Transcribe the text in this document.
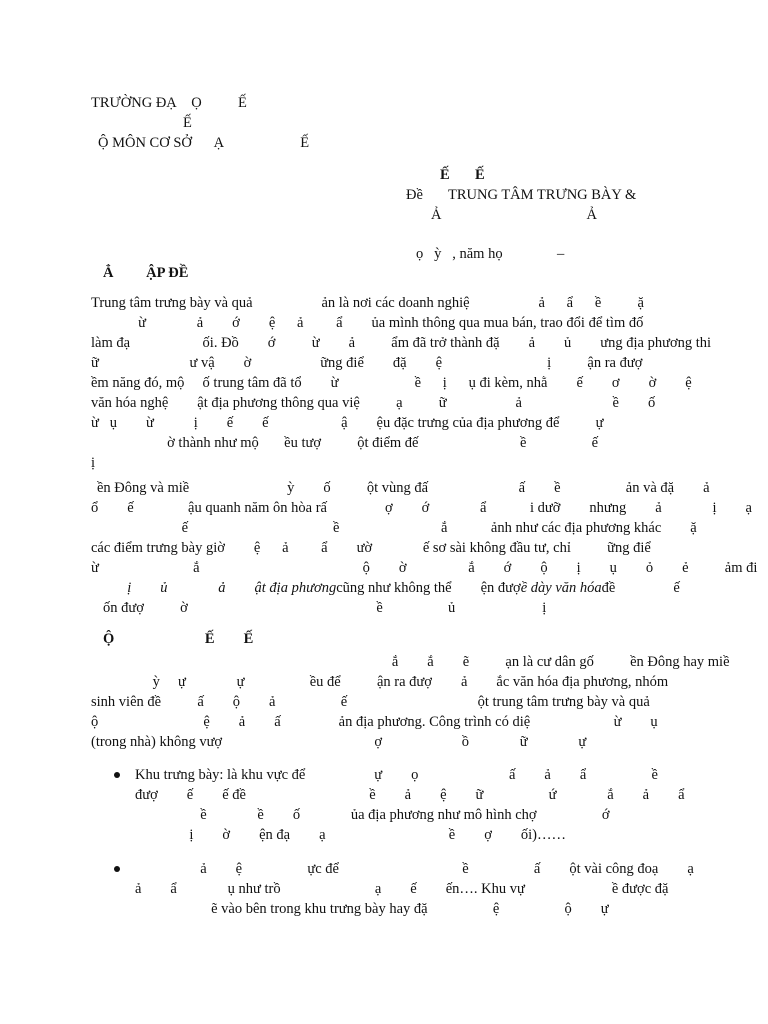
TRƯỜNG ĐẠ    Ọ          Ế
Ế
Ộ MÔN CƠ SỞ      Ạ                     Ế
Ế       Ế
Đề       TRUNG TÂM TRƯNG BÀY &
Ả                                        Ả
ọ   ỳ   , năm họ               –
Ẳ         ẬP ĐỀ
Trung tâm trưng bày và quả                   ản là nơi các doanh nghiệ                   ả      ẩ      ề          ặ
ừ              ả        ớ        ệ      ả         ẩ        ủa mình thông qua mua bán, trao đổi để tìm đố
làm đạ                    ối. Đồ        ớ          ừ        ả          ẩm đã trở thành đặ        ả        ủ        ưng địa phương thi
ữ                         ư vậ        ờ                   ững điể        đặ        ệ                             ị          ận ra đượ
ềm năng đó, mộ     ố trung tâm đã tổ        ừ                     ề      ị      ụ đi kèm, nhằ        ế        ơ        ờ        ệ
văn hóa nghệ        ật địa phương thông qua việ          ạ          ữ                   ả                         ề        ố
ừ   ụ        ừ           ị        ế        ế                    ậ        ệu đặc trưng của địa phương để          ự
ờ thành như mộ       ều tượ          ột điểm đế                            ề                  ế
ị
ền Đông và miề                           ỳ        ố          ột vùng đấ                         ấ        ề                  ản và đặ        ả
ổ        ế               ậu quanh năm ôn hòa rấ                ợ        ớ              ẩ            i dưỡ        nhưng        ả              ị        ạ
ế                                        ề                            ắ            ảnh như các địa phương khác        ặ
các điểm trưng bày giờ        ệ      ả         ẩ        ườ              ế sơ sài không đầu tư, chỉ          ững điể
ừ                          ắ                                             ộ        ờ                 ắ        ớ        ộ        ị        ụ        ỏ        ẻ          ảm đi
ị        ủ              ả        ật địa phươngcũng như không thể        ện đượề dày văn hóađề                ế
ốn đượ          ờ                                                    ề                  ủ                        ị
Ộ                         Ế        Ế
ắ        ắ        ẽ          ạn là cư dân gố          ền Đông hay miề
ỳ     ự              ự                  ều để          ận ra đượ        ả        ắc văn hóa địa phương, nhóm
sinh viên đề          ấ        ộ        ả                  ế                                    ột trung tâm trưng bày và quả
ộ                             ệ        ả        ấ                ản địa phương. Công trình có diệ                       ừ        ụ
(trong nhà) không vượ                                          ợ                      ồ              ữ              ự
Khu trưng bày: là khu vực để                   ự        ọ                         ấ        ả        ẩ                  ề
đượ        ế        ế đề                                  ề        ả        ệ        ữ                  ứ              ắ        ả        ẩ
ề              ề        ố              ủa địa phương như mô hình chợ                  ớ
ị        ờ        ện đạ        ạ                                  ề        ợ        ối)……
ả        ệ                  ực để                                  ề                  ấ        ột vài công đoạ        ạ
ả        ẩ              ụ như trồ                          ạ        ế        ến…. Khu vự                        ề được đặ
ẽ vào bên trong khu trưng bày hay đặ                  ệ                  ộ        ự
